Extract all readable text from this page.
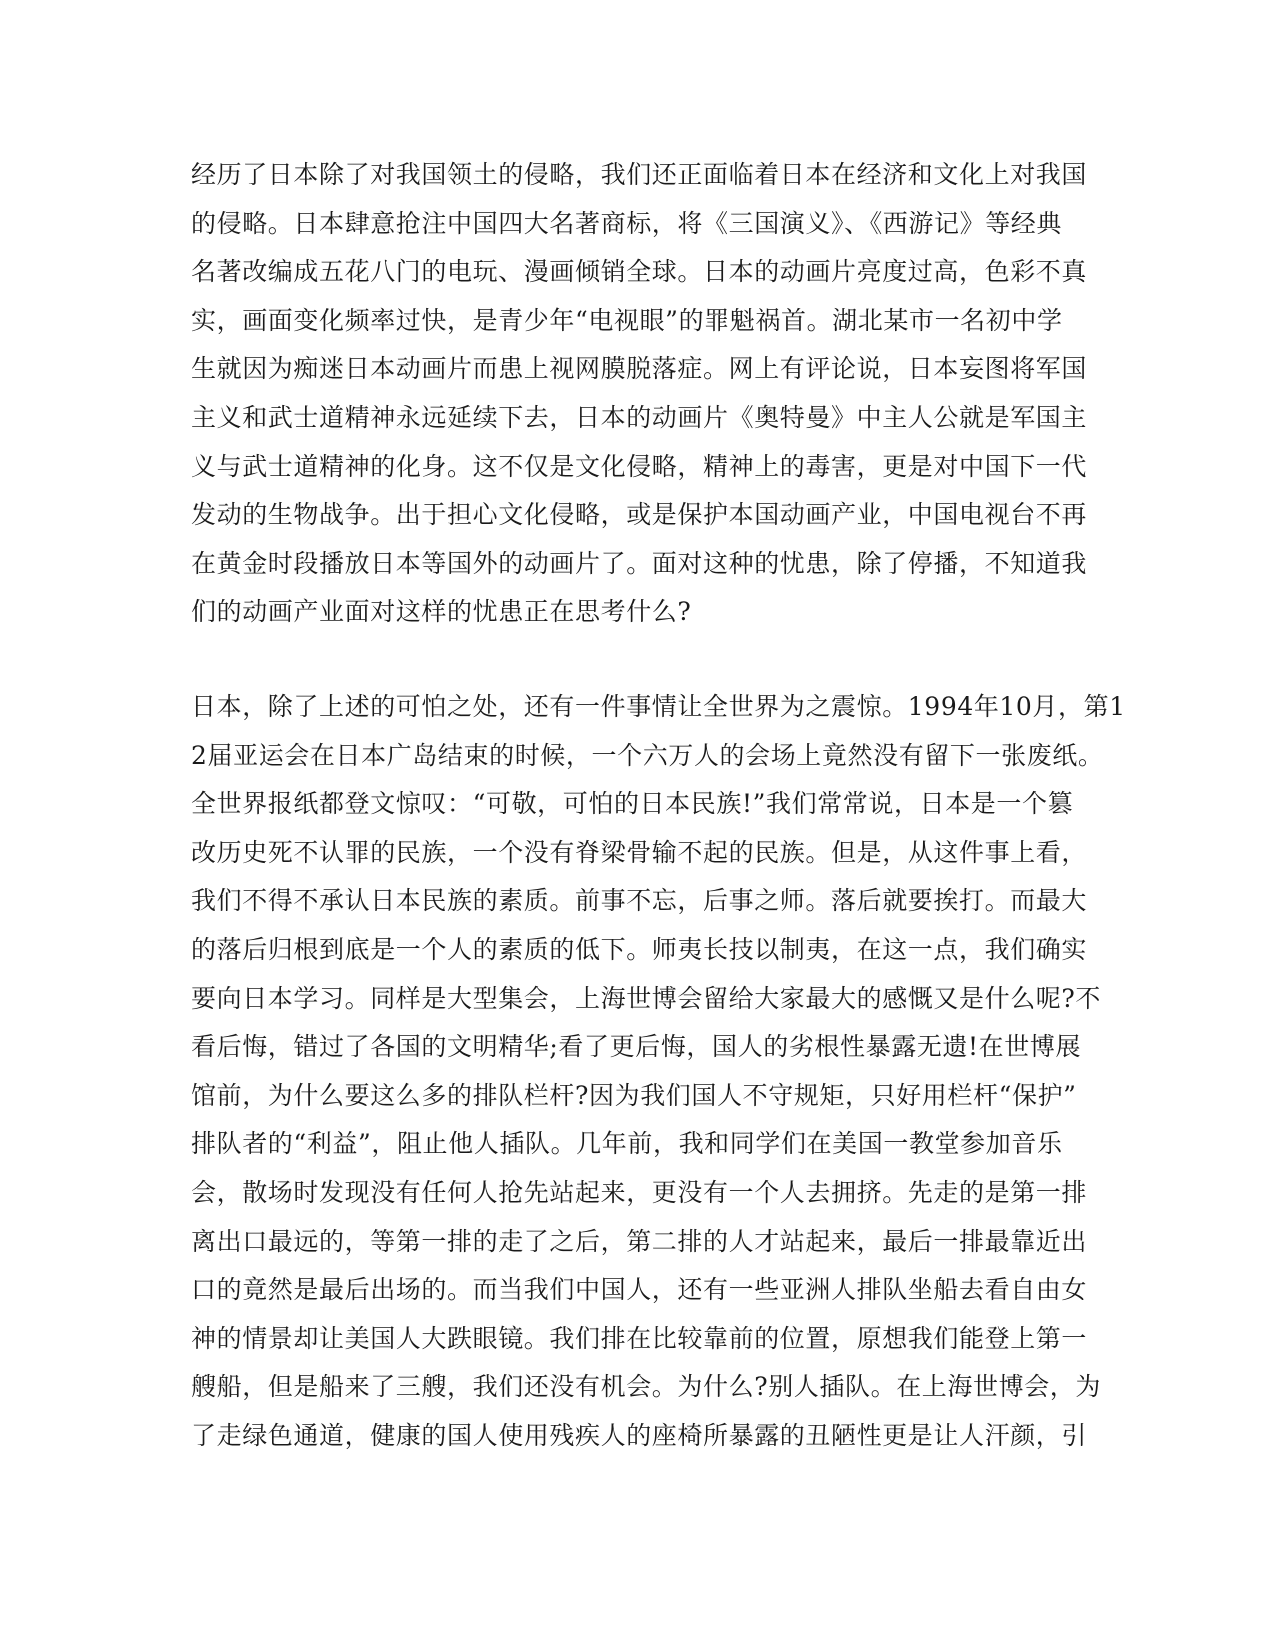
经历了日本除了对我国领土的侵略，我们还正面临着日本在经济和文化上对我国
的侵略。日本肆意抢注中国四大名著商标，将《三国演义》、《西游记》等经典
名著改编成五花八门的电玩、漫画倾销全球。日本的动画片亮度过高，色彩不真
实，画面变化频率过快，是青少年“电视眼”的罪魁祸首。湖北某市一名初中学
生就因为痴迷日本动画片而患上视网膜脱落症。网上有评论说，日本妄图将军国
主义和武士道精神永远延续下去，日本的动画片《奥特曼》中主人公就是军国主
义与武士道精神的化身。这不仅是文化侵略，精神上的毒害，更是对中国下一代
发动的生物战争。出于担心文化侵略，或是保护本国动画产业，中国电视台不再
在黄金时段播放日本等国外的动画片了。面对这种的忧患，除了停播，不知道我
们的动画产业面对这样的忧患正在思考什么?
日本，除了上述的可怕之处，还有一件事情让全世界为之震惊。1994年10月，第1
2届亚运会在日本广岛结束的时候，一个六万人的会场上竟然没有留下一张废纸。
全世界报纸都登文惊叹：“可敬，可怕的日本民族!”我们常常说，日本是一个篡
改历史死不认罪的民族，一个没有脊梁骨输不起的民族。但是，从这件事上看，
我们不得不承认日本民族的素质。前事不忘，后事之师。落后就要挨打。而最大
的落后归根到底是一个人的素质的低下。师夷长技以制夷，在这一点，我们确实
要向日本学习。同样是大型集会，上海世博会留给大家最大的感慨又是什么呢?不
看后悔，错过了各国的文明精华;看了更后悔，国人的劣根性暴露无遗!在世博展
馆前，为什么要这么多的排队栏杆?因为我们国人不守规矩，只好用栏杆“保护”
排队者的“利益”，阻止他人插队。几年前，我和同学们在美国一教堂参加音乐
会，散场时发现没有任何人抢先站起来，更没有一个人去拥挤。先走的是第一排
离出口最远的，等第一排的走了之后，第二排的人才站起来，最后一排最靠近出
口的竟然是最后出场的。而当我们中国人，还有一些亚洲人排队坐船去看自由女
神的情景却让美国人大跌眼镜。我们排在比较靠前的位置，原想我们能登上第一
艘船，但是船来了三艘，我们还没有机会。为什么?别人插队。在上海世博会，为
了走绿色通道，健康的国人使用残疾人的座椅所暴露的丑陋性更是让人汗颜，引
